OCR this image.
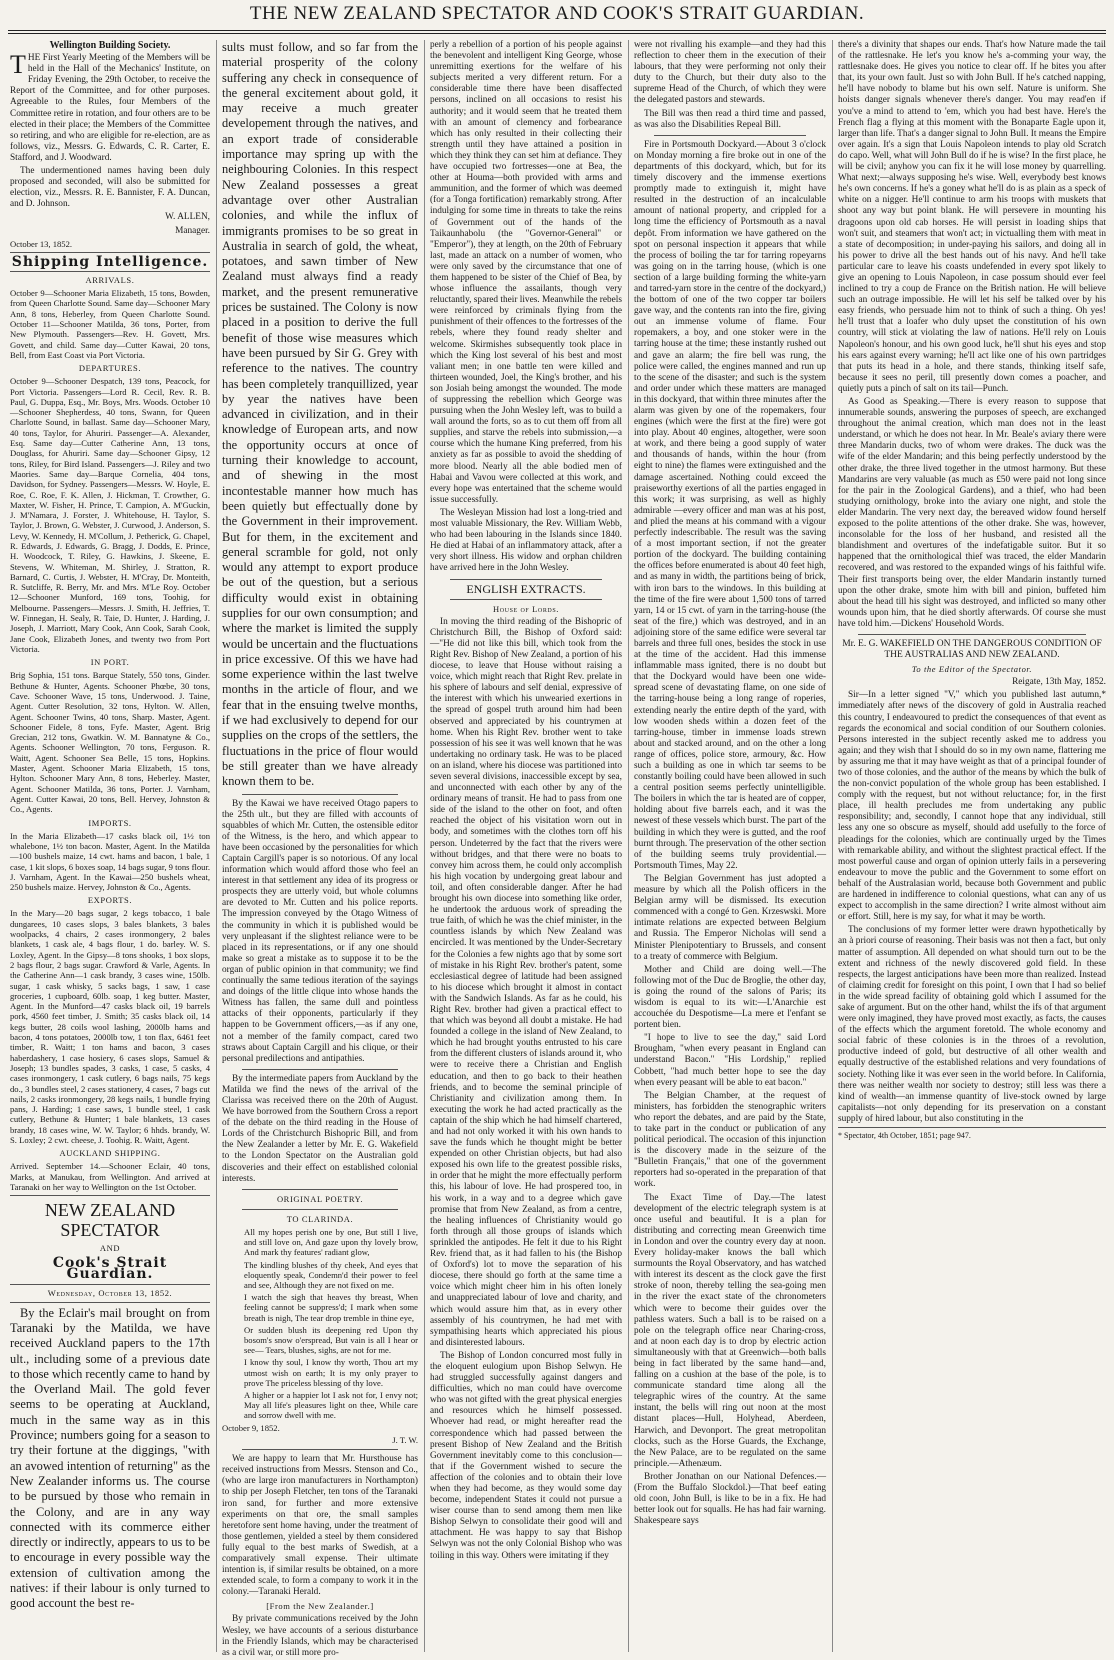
THE NEW ZEALAND SPECTATOR AND COOK'S STRAIT GUARDIAN.

Wellington Building Society.

THE First Yearly Meeting of the Members will be held in the Hall of the Mechanics' Institute, on Friday Evening, the 29th October, to receive the Report of the Committee, and for other purposes. Agreeable to the Rules, four Members of the Committee retire in rotation, and four others are to be elected in their place; the Members of the Committee so retiring, and who are eligible for re-election, are as follows, viz., Messrs. G. Edwards, C. R. Carter, E. Stafford, and J. Woodward.

The undermentioned names having been duly proposed and seconded, will also be submitted for election, viz., Messrs. R. E. Bannister, F. A. Duncan, and D. Johnson.

W. ALLEN,

Manager.

October 13, 1852.

Shipping Intelligence.
ARRIVALS.

October 9—Schooner Maria Elizabeth, 15 tons, Bowden, from Queen Charlotte Sound. Same day—Schooner Mary Ann, 8 tons, Heberley, from Queen Charlotte Sound. October 11—Schooner Matilda, 36 tons, Porter, from New Plymouth. Passengers—Rev. H. Govett, Mrs. Govett, and child. Same day—Cutter Kawai, 20 tons, Bell, from East Coast via Port Victoria.

DEPARTURES.

October 9—Schooner Despatch, 139 tons, Peacock, for Port Victoria. Passengers—Lord R. Cecil, Rev. R. B. Paul, G. Duppa, Esq., Mr. Boys, Mrs. Woods. October 10—Schooner Shepherdess, 40 tons, Swann, for Queen Charlotte Sound, in ballast. Same day—Schooner Mary, 40 tons, Taylor, for Ahuriri. Passenger—A. Alexander, Esq. Same day—Cutter Catherine Ann, 13 tons, Douglass, for Ahuriri. Same day—Schooner Gipsy, 12 tons, Riley, for Bird Island. Passengers—J. Riley and two Maories. Same day—Barque Cornelia, 404 tons, Davidson, for Sydney. Passengers—Messrs. W. Hoyle, E. Roe, C. Roe, F. K. Allen, J. Hickman, T. Crowther, G. Maxter, W. Fisher, H. Prince, T. Campion, A. M'Guckin, J. M'Namara, J. Forster, J. Whitehouse, H. Taylor, S. Taylor, J. Brown, G. Webster, J. Curwood, J. Anderson, S. Levy, W. Kennedy, H. M'Collum, J. Petherick, G. Chapel, R. Edwards, J. Edwards, G. Bragg, J. Dodds, E. Prince, H. Woodcock, T. Riley, G. Hawkins, J. Skeene, E. Stevens, W. Whiteman, M. Shirley, J. Stratton, R. Barnard, C. Curtis, J. Webster, H. M'Cray, Dr. Monteith, R. Sutcliffe, R. Berry, Mr. and Mrs. M'Le Roy. October 12—Schooner Munford, 169 tons, Toohig, for Melbourne. Passengers—Messrs. J. Smith, H. Jeffries, T. W. Finnegan, H. Sealy, R. Taie, D. Hunter, J. Harding, J. Joseph, J. Marriott, Mary Cook, Ann Cook, Sarah Cook, Jane Cook, Elizabeth Jones, and twenty two from Port Victoria.

IN PORT.

Brig Sophia, 151 tons. Barque Stately, 550 tons, Ginder. Bethune & Hunter, Agents. Schooner Phœbe, 30 tons, Cave. Schooner Wave, 15 tons, Underwood. J. Taine, Agent. Cutter Resolution, 32 tons, Hylton. W. Allen, Agent. Schooner Twins, 40 tons, Sharp. Master, Agent. Schooner Fidele, 8 tons, Fyfe. Master, Agent. Brig Grecian, 212 tons, Gwatkin. W. M. Bannatyne & Co., Agents. Schooner Wellington, 70 tons, Ferguson. R. Waitt, Agent. Schooner Sea Belle, 15 tons, Hopkins. Master, Agent. Schooner Maria Elizabeth, 15 tons, Hylton. Schooner Mary Ann, 8 tons, Heberley. Master, Agent. Schooner Matilda, 36 tons, Porter. J. Varnham, Agent. Cutter Kawai, 20 tons, Bell. Hervey, Johnston & Co., Agents.

IMPORTS.

In the Maria Elizabeth—17 casks black oil, 1½ ton whalebone, 1½ ton bacon. Master, Agent. In the Matilda—100 bushels maize, 14 cwt. hams and bacon, 1 bale, 1 case, 1 kit slops, 6 boxes soap, 14 bags sugar, 9 tons flour. J. Varnham, Agent. In the Kawai—250 bushels wheat, 250 bushels maize. Hervey, Johnston & Co., Agents.

EXPORTS.

In the Mary—20 bags sugar, 2 kegs tobacco, 1 bale dungarees, 10 cases slops, 3 bales blankets, 3 bales woolpacks, 4 chairs, 2 cases ironmongery, 2 bales blankets, 1 cask ale, 4 bags flour, 1 do. barley. W. S. Loxley, Agent. In the Gipsy—8 tons shooks, 1 box slops, 2 bags flour, 2 bags sugar. Crawford & Varle, Agents. In the Catherine Ann—1 cask brandy, 3 cases wine, 150lb. sugar, 1 cask whisky, 5 sacks bags, 1 saw, 1 case groceries, 1 cupboard, 60lb. soap, 1 keg butter. Master, Agent. In the Munford—47 casks black oil, 19 barrels pork, 4560 feet timber, J. Smith; 35 casks black oil, 14 kegs butter, 28 coils wool lashing, 2000lb hams and bacon, 4 tons potatoes, 2000lb tow, 1 ton flax, 6461 feet timber, R. Waitt; 1 ton hams and bacon, 3 cases haberdashery, 1 case hosiery, 6 cases slops, Samuel & Joseph; 13 bundles spades, 3 casks, 1 case, 5 casks, 4 cases ironmongery, 1 cask cutlery, 6 bags nails, 75 kegs do., 3 bundles steel, 2 cases stationery, 4 cases, 7 bags cut nails, 2 casks ironmongery, 28 kegs nails, 1 bundle frying pans, J. Harding; 1 case saws, 1 bundle steel, 1 cask cutlery, Bethune & Hunter; 1 bale blankets, 13 cases brandy, 18 cases wine, W. W. Taylor; 6 hhds. brandy, W. S. Loxley; 2 cwt. cheese, J. Toohig. R. Waitt, Agent.

AUCKLAND SHIPPING.

Arrived. September 14.—Schooner Eclair, 40 tons, Marks, at Manukau, from Wellington. And arrived at Taranaki on her way to Wellington on the 1st October.

NEW ZEALAND SPECTATOR
AND
Cook's Strait Guardian.
Wednesday, October 13, 1852.

By the Eclair's mail brought on from Taranaki by the Matilda, we have received Auckland papers to the 17th ult., including some of a previous date to those which recently came to hand by the Overland Mail. The gold fever seems to be operating at Auckland, much in the same way as in this Province; numbers going for a season to try their fortune at the diggings, "with an avowed intention of returning" as the New Zealander informs us. The course to be pursued by those who remain in the Colony, and are in any way connected with its commerce either directly or indirectly, appears to us to be to encourage in every possible way the extension of cultivation among the natives: if their labour is only turned to good account the best re-

sults must follow, and so far from the material prosperity of the colony suffering any check in consequence of the general excitement about gold, it may receive a much greater developement through the natives, and an export trade of considerable importance may spring up with the neighbouring Colonies. In this respect New Zealand possesses a great advantage over other Australian colonies, and while the influx of immigrants promises to be so great in Australia in search of gold, the wheat, potatoes, and sawn timber of New Zealand must always find a ready market, and the present remunerative prices be sustained. The Colony is now placed in a position to derive the full benefit of those wise measures which have been pursued by Sir G. Grey with reference to the natives. The country has been completely tranquillized, year by year the natives have been advanced in civilization, and in their knowledge of European arts, and now the opportunity occurs at once of turning their knowledge to account, and of shewing in the most incontestable manner how much has been quietly but effectually done by the Government in their improvement. But for them, in the excitement and general scramble for gold, not only would any attempt to export produce be out of the question, but a serious difficulty would exist in obtaining supplies for our own consumption; and where the market is limited the supply would be uncertain and the fluctuations in price excessive. Of this we have had some experience within the last twelve months in the article of flour, and we fear that in the ensuing twelve months, if we had exclusively to depend for our supplies on the crops of the settlers, the fluctuations in the price of flour would be still greater than we have already known them to be.

By the Kawai we have received Otago papers to the 25th ult., but they are filled with accounts of squabbles of which Mr. Cutten, the ostensible editor of the Witness, is the hero, and which appear to have been occasioned by the personalities for which Captain Cargill's paper is so notorious. Of any local information which would afford those who feel an interest in that settlement any idea of its progress or prospects they are utterly void, but whole columns are devoted to Mr. Cutten and his police reports. The impression conveyed by the Otago Witness of the community in which it is published would be very unpleasant if the slightest reliance were to be placed in its representations, or if any one should make so great a mistake as to suppose it to be the organ of public opinion in that community; we find continually the same tedious iteration of the sayings and doings of the little clique into whose hands the Witness has fallen, the same dull and pointless attacks of their opponents, particularly if they happen to be Government officers,—as if any one, not a member of the family compact, cared two straws about Captain Cargill and his clique, or their personal predilections and antipathies.

By the intermediate papers from Auckland by the Matilda we find the news of the arrival of the Clarissa was received there on the 20th of August. We have borrowed from the Southern Cross a report of the debate on the third reading in the House of Lords of the Christchurch Bishopric Bill, and from the New Zealander a letter by Mr. E. G. Wakefield to the London Spectator on the Australian gold discoveries and their effect on established colonial interests.

ORIGINAL POETRY.
TO CLARINDA.

All my hopes perish one by one, But still I live, and still love on, And gaze upon thy lovely brow, And mark thy features' radiant glow,

The kindling blushes of thy cheek, And eyes that eloquently speak, Condemn'd their power to feel and see, Although they are not fixed on me.

I watch the sigh that heaves thy breast, When feeling cannot be suppress'd; I mark when some breath is nigh, The tear drop tremble in thine eye,

Or sudden blush its deepening red Upon thy bosom's snow o'erspread, But vain is all I hear or see— Tears, blushes, sighs, are not for me.

I know thy soul, I know thy worth, Thou art my utmost wish on earth; It is my only prayer to prove The priceless blessing of thy love.

A higher or a happier lot I ask not for, I envy not; May all life's pleasures light on thee, While care and sorrow dwell with me.

October 9, 1852.

J. T. W.

We are happy to learn that Mr. Hursthouse has received instructions from Messrs. Stenson and Co., (who are large iron manufacturers in Northampton) to ship per Joseph Fletcher, ten tons of the Taranaki iron sand, for further and more extensive experiments on that ore, the small samples heretofore sent home having, under the treatment of those gentlemen, yielded a steel by them considered fully equal to the best marks of Swedish, at a comparatively small expense. Their ultimate intention is, if similar results be obtained, on a more extended scale, to form a company to work it in the colony.—Taranaki Herald.

[From the New Zealander.]

By private communications received by the John Wesley, we have accounts of a serious disturbance in the Friendly Islands, which may be characterised as a civil war, or still more pro-

perly a rebellion of a portion of his people against the benevolent and intelligent King George, whose unremitting exertions for the welfare of his subjects merited a very different return. For a considerable time there have been disaffected persons, inclined on all occasions to resist his authority; and it would seem that he treated them with an amount of clemency and forbearance which has only resulted in their collecting their strength until they have attained a position in which they think they can set him at defiance. They have occupied two fortresses—one at Bea, the other at Houma—both provided with arms and ammunition, and the former of which was deemed (for a Tonga fortification) remarkably strong. After indulging for some time in threats to take the reins of Government out of the hands of the Taikaunhabolu (the "Governor-General" or "Emperor"), they at length, on the 20th of February last, made an attack on a number of women, who were only saved by the circumstance that one of them happened to be sister of the Chief of Bea, by whose influence the assailants, though very reluctantly, spared their lives. Meanwhile the rebels were reinforced by criminals flying from the punishment of their offences to the fortresses of the rebels, where they found ready shelter and welcome. Skirmishes subsequently took place in which the King lost several of his best and most valiant men; in one battle ten were killed and thirteen wounded, Joel, the King's brother, and his son Josiah being amongst the wounded. The mode of suppressing the rebellion which George was pursuing when the John Wesley left, was to build a wall around the forts, so as to cut them off from all supplies, and starve the rebels into submission,—a course which the humane King preferred, from his anxiety as far as possible to avoid the shedding of more blood. Nearly all the able bodied men of Habai and Vavou were collected at this work, and every hope was entertained that the scheme would issue successfully.

The Wesleyan Mission had lost a long-tried and most valuable Missionary, the Rev. William Webb, who had been labouring in the Islands since 1840. He died at Habai of an inflammatory attack, after a very short illness. His widow and orphan children have arrived here in the John Wesley.

ENGLISH EXTRACTS.
House of Lords.

In moving the third reading of the Bishopric of Christchurch Bill, the Bishop of Oxford said:—"He did not like this bill, which took from the Right Rev. Bishop of New Zealand, a portion of his diocese, to leave that House without raising a voice, which might reach that Right Rev. prelate in his sphere of labours and self denial, expressive of the interest with which his unwearied exertions in the spread of gospel truth around him had been observed and appreciated by his countrymen at home. When his Right Rev. brother went to take possession of his see it was well known that he was undertaking no ordinary task. He was to be placed on an island, where his diocese was partitioned into seven several divisions, inaccessible except by sea, and unconnected with each other by any of the ordinary means of transit. He had to pass from one side of the island to the other on foot, and often reached the object of his visitation worn out in body, and sometimes with the clothes torn off his person. Undeterred by the fact that the rivers were without bridges, and that there were no boats to convey him across them, he could only accomplish his high vocation by undergoing great labour and toil, and often considerable danger. After he had brought his own diocese into something like order, he undertook the arduous work of spreading the true faith, of which he was the chief minister, in the countless islands by which New Zealand was encircled. It was mentioned by the Under-Secretary for the Colonies a few nights ago that by some sort of mistake in his Right Rev. brother's patent, some ecclesiastical degree of latitude had been assigned to his diocese which brought it almost in contact with the Sandwich Islands. As far as he could, his Right Rev. brother had given a practical effect to that which was beyond all doubt a mistake. He had founded a college in the island of New Zealand, to which he had brought youths entrusted to his care from the different clusters of islands around it, who were to receive there a Christian and English education, and then to go back to their heathen friends, and to become the seminal principle of Christianity and civilization among them. In executing the work he had acted practically as the captain of the ship which he had himself chartered, and had not only worked it with his own hands to save the funds which he thought might be better expended on other Christian objects, but had also exposed his own life to the greatest possible risks, in order that he might the more effectually perform this, his labour of love. He had prospered too, in his work, in a way and to a degree which gave promise that from New Zealand, as from a centre, the healing influences of Christianity would go forth through all those groups of islands which sprinkled the antipodes. He felt it due to his Right Rev. friend that, as it had fallen to his (the Bishop of Oxford's) lot to move the separation of his diocese, there should go forth at the same time a voice which might cheer him in his often lonely and unappreciated labour of love and charity, and which would assure him that, as in every other assembly of his countrymen, he had met with sympathising hearts which appreciated his pious and disinterested labours.

The Bishop of London concurred most fully in the eloquent eulogium upon Bishop Selwyn. He had struggled successfully against dangers and difficulties, which no man could have overcome who was not gifted with the great physical energies and resources which he himself possessed. Whoever had read, or might hereafter read the correspondence which had passed between the present Bishop of New Zealand and the British Government inevitably come to this conclusion—that if the Government wished to secure the affection of the colonies and to obtain their love when they had become, as they would some day become, independent States it could not pursue a wiser course than to send among them men like Bishop Selwyn to consolidate their good will and attachment. He was happy to say that Bishop Selwyn was not the only Colonial Bishop who was toiling in this way. Others were imitating if they

were not rivalling his example—and they had this reflection to cheer them in the execution of their labours, that they were performing not only their duty to the Church, but their duty also to the supreme Head of the Church, of which they were the delegated pastors and stewards.

The Bill was then read a third time and passed, as was also the Disabilities Repeal Bill.

Fire in Portsmouth Dockyard.—About 3 o'clock on Monday morning a fire broke out in one of the departments of this dockyard, which, but for its timely discovery and the immense exertions promptly made to extinguish it, might have resulted in the destruction of an incalculable amount of national property, and crippled for a long time the efficiency of Portsmouth as a naval depôt. From information we have gathered on the spot on personal inspection it appears that while the process of boiling the tar for tarring ropeyarns was going on in the tarring house, (which is one section of a large building forming the white-yarn and tarred-yarn store in the centre of the dockyard,) the bottom of one of the two copper tar boilers gave way, and the contents ran into the fire, giving out an immense volume of flame. Four ropemakers, a boy, and one stoker were in the tarring house at the time; these instantly rushed out and gave an alarm; the fire bell was rung, the police were called, the engines manned and run up to the scene of the disaster; and such is the system and order under which these matters are managed in this dockyard, that within three minutes after the alarm was given by one of the ropemakers, four engines (which were the first at the fire) were got into play. About 40 engines, altogether, were soon at work, and there being a good supply of water and thousands of hands, within the hour (from eight to nine) the flames were extinguished and the damage ascertained. Nothing could exceed the praiseworthy exertions of all the parties engaged in this work; it was surprising, as well as highly admirable —every officer and man was at his post, and plied the means at his command with a vigour perfectly indescribable. The result was the saving of a most important section, if not the greater portion of the dockyard. The building containing the offices before enumerated is about 40 feet high, and as many in width, the partitions being of brick, with iron bars to the windows. In this building at the time of the fire were about 1,500 tons of tarred yarn, 14 or 15 cwt. of yarn in the tarring-house (the seat of the fire,) which was destroyed, and in an adjoining store of the same edifice were several tar barrels and three full ones, besides the stock in use at the time of the accident. Had this immense inflammable mass ignited, there is no doubt but that the Dockyard would have been one wide-spread scene of devastating flame, on one side of the tarring-house being a long range of roperies, extending nearly the entire depth of the yard, with low wooden sheds within a dozen feet of the tarring-house, timber in immense loads strewn about and stacked around, and on the other a long range of offices, police store, armoury, &c. How such a building as one in which tar seems to be constantly boiling could have been allowed in such a central position seems perfectly unintelligible. The boilers in which the tar is heated are of copper, holding about five barrels each, and it was the newest of these vessels which burst. The part of the building in which they were is gutted, and the roof burnt through. The preservation of the other section of the building seems truly providential.—Portsmouth Times, May 22.

The Belgian Government has just adopted a measure by which all the Polish officers in the Belgian army will be dismissed. Its execution commenced with a congé to Gen. Krzeswski. More intimate relations are expected between Belgium and Russia. The Emperor Nicholas will send a Minister Plenipotentiary to Brussels, and consent to a treaty of commerce with Belgium.

Mother and Child are doing well.—The following mot of the Duc de Broglie, the other day, is going the round of the salons of Paris; its wisdom is equal to its wit:—L'Anarchie est accouchée du Despotisme—La mere et l'enfant se portent bien.

"I hope to live to see the day," said Lord Brougham, "when every peasant in England can understand Bacon." "His Lordship," replied Cobbett, "had much better hope to see the day when every peasant will be able to eat bacon."

The Belgian Chamber, at the request of ministers, has forbidden the stenographic writers who report the debates, and are paid by the State, to take part in the conduct or publication of any political periodical. The occasion of this injunction is the discovery made in the seizure of the "Bulletin Français," that one of the government reporters had so-operated in the preparation of that work.

The Exact Time of Day.—The latest development of the electric telegraph system is at once useful and beautiful. It is a plan for distributing and correcting mean Greenwich time in London and over the country every day at noon. Every holiday-maker knows the ball which surmounts the Royal Observatory, and has watched with interest its descent as the clock gave the first stroke of noon, thereby telling the sea-going men in the river the exact state of the chronometers which were to become their guides over the pathless waters. Such a ball is to be raised on a pole on the telegraph office near Charing-cross, and at noon each day is to drop by electric action simultaneously with that at Greenwich—both balls being in fact liberated by the same hand—and, falling on a cushion at the base of the pole, is to communicate standard time along all the telegraphic wires of the country. At the same instant, the bells will ring out noon at the most distant places—Hull, Holyhead, Aberdeen, Harwich, and Devonport. The great metropolitan clocks, such as the Horse Guards, the Exchange, the New Palace, are to be regulated on the same principle.—Athenæum.

Brother Jonathan on our National Defences.—(From the Buffalo Slockdol.)—That beef eating old coon, John Bull, is like to be in a fix. He had better look out for squalls. He has had fair warning. Shakespeare says

there's a divinity that shapes our ends. That's how Nature made the tail of the rattlesnake. He let's you know he's a-comming your way, the rattlesnake does. He gives you notice to clear off. If he bites you after that, its your own fault. Just so with John Bull. If he's catched napping, he'll have nobody to blame but his own self. Nature is uniform. She hoists danger signals whenever there's danger. You may read'en if you've a mind to attend to 'em, which you had best have. Here's the French flag a flying at this moment with the Bonaparte Eagle upon it, larger than life. That's a danger signal to John Bull. It means the Empire over again. It's a sign that Louis Napoleon intends to play old Scratch do capo. Well, what will John Bull do if he is wise? In the first place, he will be civil; anyhow you can fix it he will lose money by quarrelling. What next;—always supposing he's wise. Well, everybody best knows he's own concerns. If he's a goney what he'll do is as plain as a speck of white on a nigger. He'll continue to arm his troops with muskets that shoot any way but point blank. He will persevere in mounting his dragoons upon old cab horses. He will persist in loading ships that won't suit, and steamers that won't act; in victualling them with meat in a state of decomposition; in under-paying his sailors, and doing all in his power to drive all the best hands out of his navy. And he'll take particular care to leave his coasts undefended in every spot likely to give an opening to Louis Napoleon, in case possum should ever feel inclined to try a coup de France on the British nation. He will believe such an outrage impossible. He will let his self be talked over by his easy friends, who persuade him not to think of such a thing. Oh yes! he'll trust that a loafer who duly upset the constitution of his own country, will stick at violating the law of nations. He'll rely on Louis Napoleon's honour, and his own good luck, he'll shut his eyes and stop his ears against every warning; he'll act like one of his own partridges that puts its head in a hole, and there stands, thinking itself safe, because it sees no peril, till presently down comes a poacher, and quietly puts a pinch of salt on its tail—Punch.

As Good as Speaking.—There is every reason to suppose that innumerable sounds, answering the purposes of speech, are exchanged throughout the animal creation, which man does not in the least understand, or which he does not hear. In Mr. Beale's aviary there were three Mandarin ducks, two of whom were drakes. The duck was the wife of the elder Mandarin; and this being perfectly understood by the other drake, the three lived together in the utmost harmony. But these Mandarins are very valuable (as much as £50 were paid not long since for the pair in the Zoological Gardens), and a thief, who had been studying ornithology, broke into the aviary one night, and stole the elder Mandarin. The very next day, the bereaved widow found herself exposed to the polite attentions of the other drake. She was, however, inconsolable for the loss of her husband, and resisted all the blandishment and overtures of the indefatigable suitor. But it so happened that the ornithological thief was traced, the elder Mandarin recovered, and was restored to the expanded wings of his faithful wife. Their first transports being over, the elder Mandarin instantly turned upon the other drake, smote him with bill and pinion, buffeted him about the head till his sight was destroyed, and inflicted so many other wounds upon him, that he died shortly afterwards. Of course she must have told him.—Dickens' Household Words.

Mr. E. G. WAKEFIELD ON THE DANGEROUS CONDITION OF THE AUSTRALIAS AND NEW ZEALAND.
To the Editor of the Spectator.

Reigate, 13th May, 1852.

Sir—In a letter signed "V," which you published last autumn,* immediately after news of the discovery of gold in Australia reached this country, I endeavoured to predict the consequences of that event as regards the economical and social condition of our Southern colonies. Persons interested in the subject recently asked me to address you again; and they wish that I should do so in my own name, flattering me by assuring me that it may have weight as that of a principal founder of two of those colonies, and the author of the means by which the bulk of the non-convict population of the whole group has been established. I comply with the request, but not without reluctance; for, in the first place, ill health precludes me from undertaking any public responsibility; and, secondly, I cannot hope that any individual, still less any one so obscure as myself, should add usefully to the force of pleadings for the colonies, which are continually urged by the Times with remarkable ability, and without the slightest practical effect. If the most powerful cause and organ of opinion utterly fails in a persevering endeavour to move the public and the Government to some effort on behalf of the Australasian world, because both Government and public are hardened in indifference to colonial questions, what can any of us expect to accomplish in the same direction? I write almost without aim or effort. Still, here is my say, for what it may be worth.

The conclusions of my former letter were drawn hypothetically by an à priori course of reasoning. Their basis was not then a fact, but only matter of assumption. All depended on what should turn out to be the extent and richness of the newly discovered gold field. In these respects, the largest anticipations have been more than realized. Instead of claiming credit for foresight on this point, I own that I had so belief in the wide spread facility of obtaining gold which I assumed for the sake of argument. But on the other hand, whilst the ifs of that argument were only imagined, they have proved most exactly, as facts, the causes of the effects which the argument foretold. The whole economy and social fabric of these colonies is in the throes of a revolution, productive indeed of gold, but destructive of all other wealth and equally destructive of the established relations and very foundations of society. Nothing like it was ever seen in the world before. In California, there was neither wealth nor society to destroy; still less was there a kind of wealth—an immense quantity of live-stock owned by large capitalists—not only depending for its preservation on a constant supply of hired labour, but also constituting in the

* Spectator, 4th October, 1851; page 947.
